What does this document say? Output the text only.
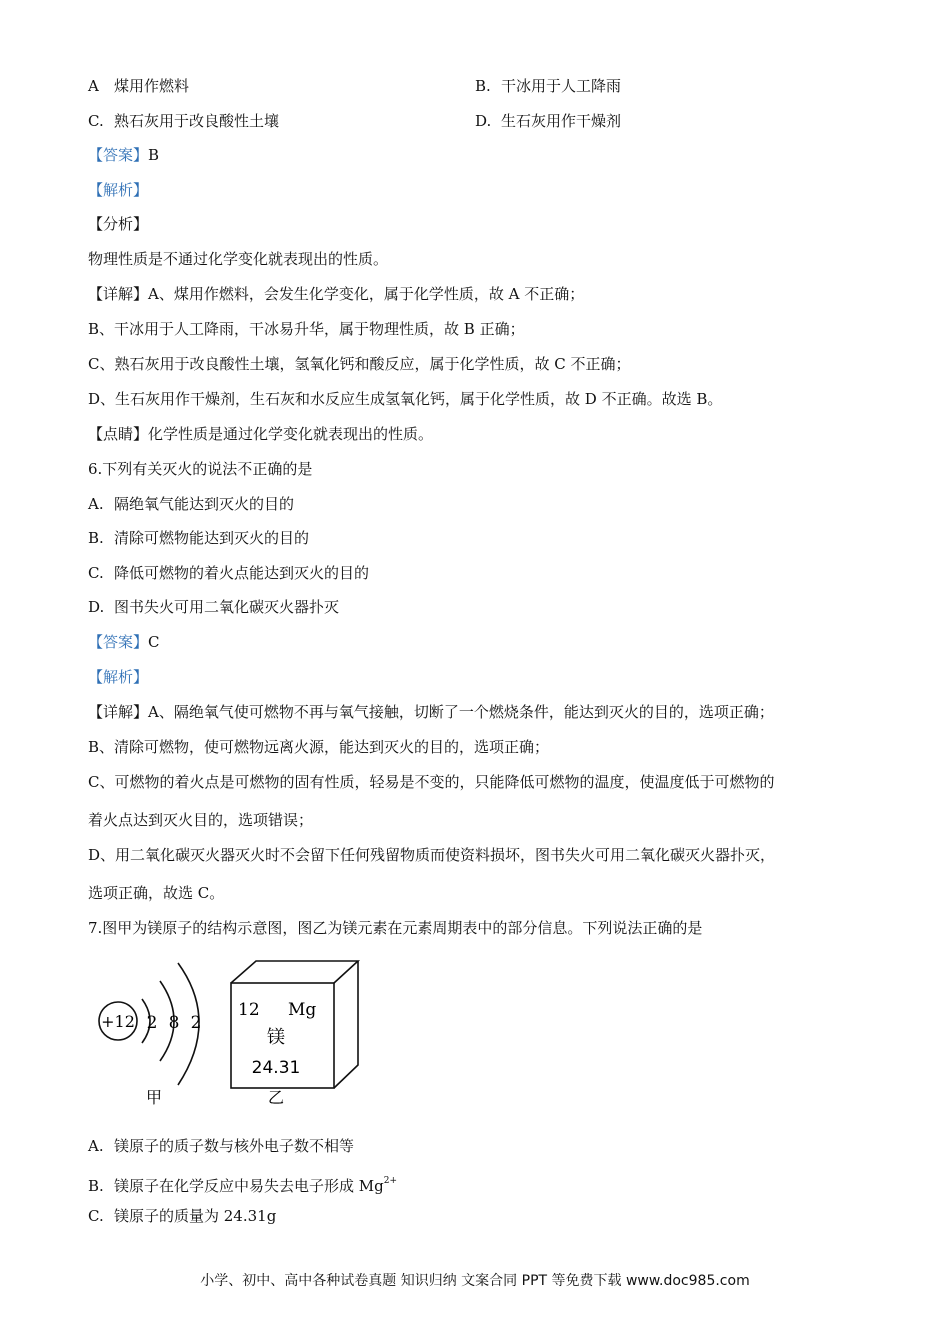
A 煤用作燃料	B. 干冰用于人工降雨
C. 熟石灰用于改良酸性土壤	D. 生石灰用作干燥剂
【答案】B
【解析】
【分析】
物理性质是不通过化学变化就表现出的性质。
【详解】A、煤用作燃料，会发生化学变化，属于化学性质，故 A 不正确；
B、干冰用于人工降雨，干冰易升华，属于物理性质，故 B 正确；
C、熟石灰用于改良酸性土壤，氢氧化钙和酸反应，属于化学性质，故 C 不正确；
D、生石灰用作干燥剂，生石灰和水反应生成氢氧化钙，属于化学性质，故 D 不正确。故选 B。
【点睛】化学性质是通过化学变化就表现出的性质。
6.下列有关灭火的说法不正确的是
A. 隔绝氧气能达到灭火的目的
B. 清除可燃物能达到灭火的目的
C. 降低可燃物的着火点能达到灭火的目的
D. 图书失火可用二氧化碳灭火器扑灭
【答案】C
【解析】
【详解】A、隔绝氧气使可燃物不再与氧气接触，切断了一个燃烧条件，能达到灭火的目的，选项正确；
B、清除可燃物，使可燃物远离火源，能达到灭火的目的，选项正确；
C、可燃物的着火点是可燃物的固有性质，轻易是不变的，只能降低可燃物的温度，使温度低于可燃物的
着火点达到灭火目的，选项错误；
D、用二氧化碳灭火器灭火时不会留下任何残留物质而使资料损坏，图书失火可用二氧化碳灭火器扑灭，
选项正确，故选 C。
7.图甲为镁原子的结构示意图，图乙为镁元素在元素周期表中的部分信息。下列说法正确的是
+12 2 8 2
甲
12 Mg
镁
24.31
乙
A. 镁原子的质子数与核外电子数不相等
B. 镁原子在化学反应中易失去电子形成 $Mg^{2+}$
C. 镁原子的质量为 24.31g
小学、初中、高中各种试卷真题 知识归纳 文案合同 PPT 等免费下载 www.doc985.com
